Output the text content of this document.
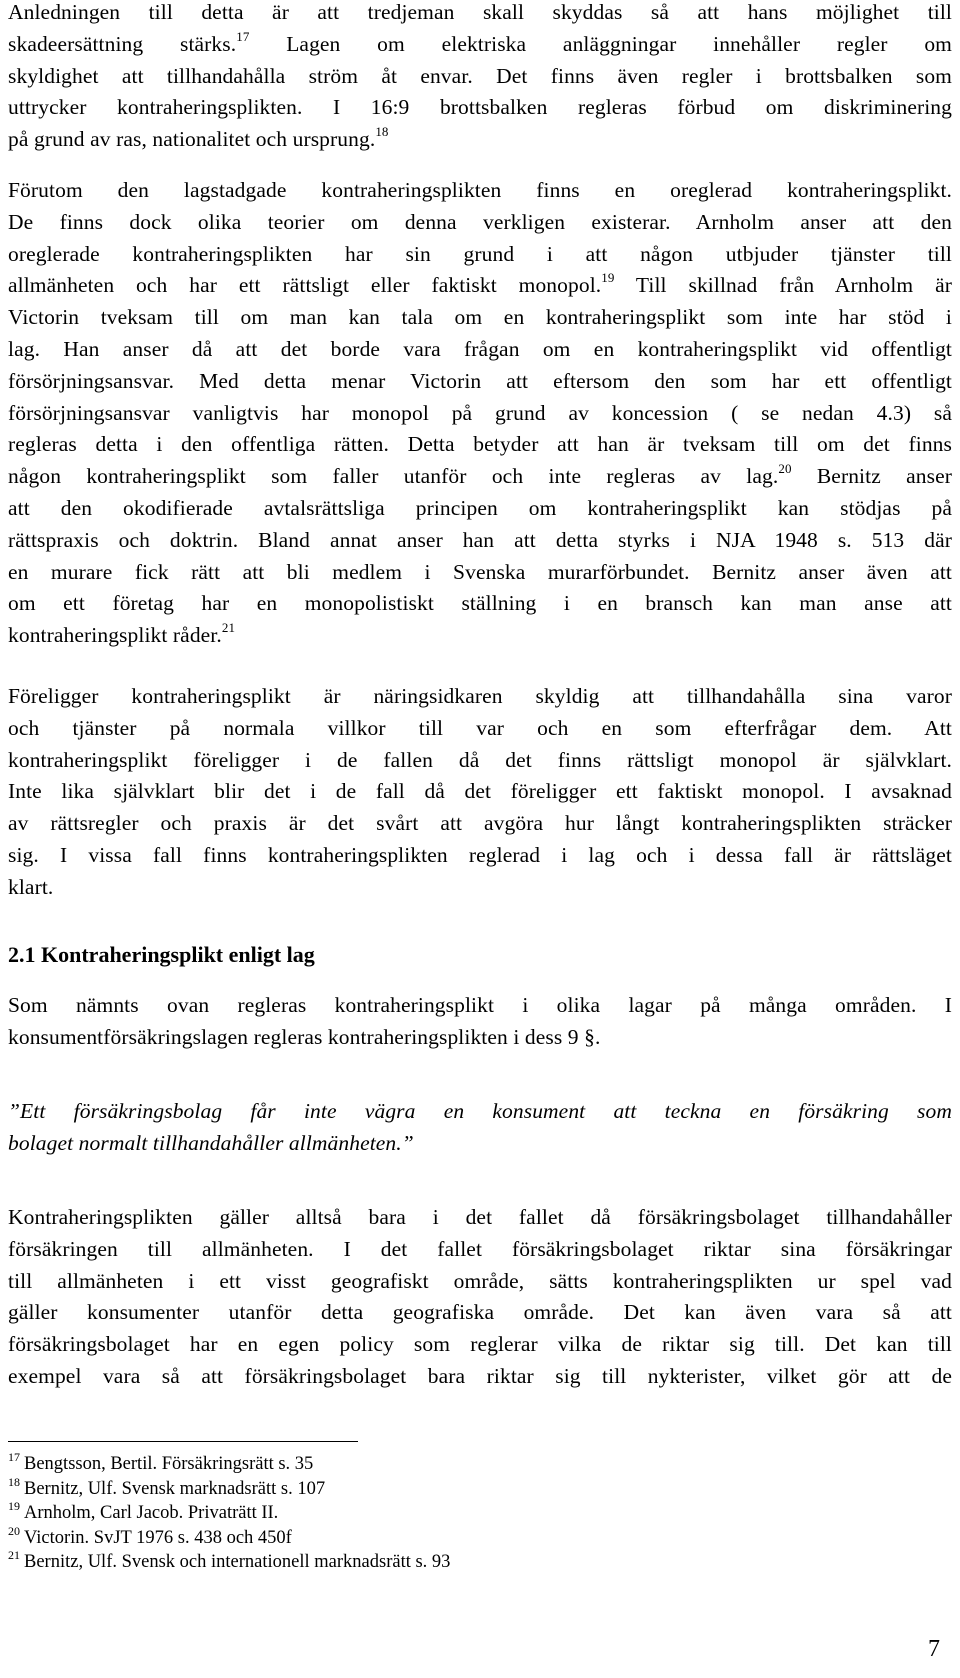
Anledningen till detta är att tredjeman skall skyddas så att hans möjlighet till
skadeersättning stärks.$^{17}$ Lagen om elektriska anläggningar innehåller regler om
skyldighet att tillhandahålla ström åt envar. Det finns även regler i brottsbalken som
uttrycker kontraheringsplikten. I 16:9 brottsbalken regleras förbud om diskriminering
på grund av ras, nationalitet och ursprung.$^{18}$

Förutom den lagstadgade kontraheringsplikten finns en oreglerad kontraheringsplikt.
De finns dock olika teorier om denna verkligen existerar. Arnholm anser att den
oreglerade kontraheringsplikten har sin grund i att någon utbjuder tjänster till
allmänheten och har ett rättsligt eller faktiskt monopol.$^{19}$ Till skillnad från Arnholm är
Victorin tveksam till om man kan tala om en kontraheringsplikt som inte har stöd i
lag. Han anser då att det borde vara frågan om en kontraheringsplikt vid offentligt
försörjningsansvar. Med detta menar Victorin att eftersom den som har ett offentligt
försörjningsansvar vanligtvis har monopol på grund av koncession ( se nedan 4.3) så
regleras detta i den offentliga rätten. Detta betyder att han är tveksam till om det finns
någon kontraheringsplikt som faller utanför och inte regleras av lag.$^{20}$ Bernitz anser
att den okodifierade avtalsrättsliga principen om kontraheringsplikt kan stödjas på
rättspraxis och doktrin. Bland annat anser han att detta styrks i NJA 1948 s. 513 där
en murare fick rätt att bli medlem i Svenska murarförbundet. Bernitz anser även att
om ett företag har en monopolistiskt ställning i en bransch kan man anse att
kontraheringsplikt råder.$^{21}$

Föreligger kontraheringsplikt är näringsidkaren skyldig att tillhandahålla sina varor
och tjänster på normala villkor till var och en som efterfrågar dem. Att
kontraheringsplikt föreligger i de fallen då det finns rättsligt monopol är självklart.
Inte lika självklart blir det i de fall då det föreligger ett faktiskt monopol. I avsaknad
av rättsregler och praxis är det svårt att avgöra hur långt kontraheringsplikten sträcker
sig. I vissa fall finns kontraheringsplikten reglerad i lag och i dessa fall är rättsläget
klart.

2.1 Kontraheringsplikt enligt lag

Som nämnts ovan regleras kontraheringsplikt i olika lagar på många områden. I
konsumentförsäkringslagen regleras kontraheringsplikten i dess 9 §.

”Ett försäkringsbolag får inte vägra en konsument att teckna en försäkring som
bolaget normalt tillhandahåller allmänheten.”

Kontraheringsplikten gäller alltså bara i det fallet då försäkringsbolaget tillhandahåller
försäkringen till allmänheten. I det fallet försäkringsbolaget riktar sina försäkringar
till allmänheten i ett visst geografiskt område, sätts kontraheringsplikten ur spel vad
gäller konsumenter utanför detta geografiska område. Det kan även vara så att
försäkringsbolaget har en egen policy som reglerar vilka de riktar sig till. Det kan till
exempel vara så att försäkringsbolaget bara riktar sig till nykterister, vilket gör att de

$^{17}$ Bengtsson, Bertil. Försäkringsrätt s. 35
$^{18}$ Bernitz, Ulf. Svensk marknadsrätt s. 107
$^{19}$ Arnholm, Carl Jacob. Privaträtt II.
$^{20}$ Victorin. SvJT 1976 s. 438 och 450f
$^{21}$ Bernitz, Ulf. Svensk och internationell marknadsrätt s. 93
7
